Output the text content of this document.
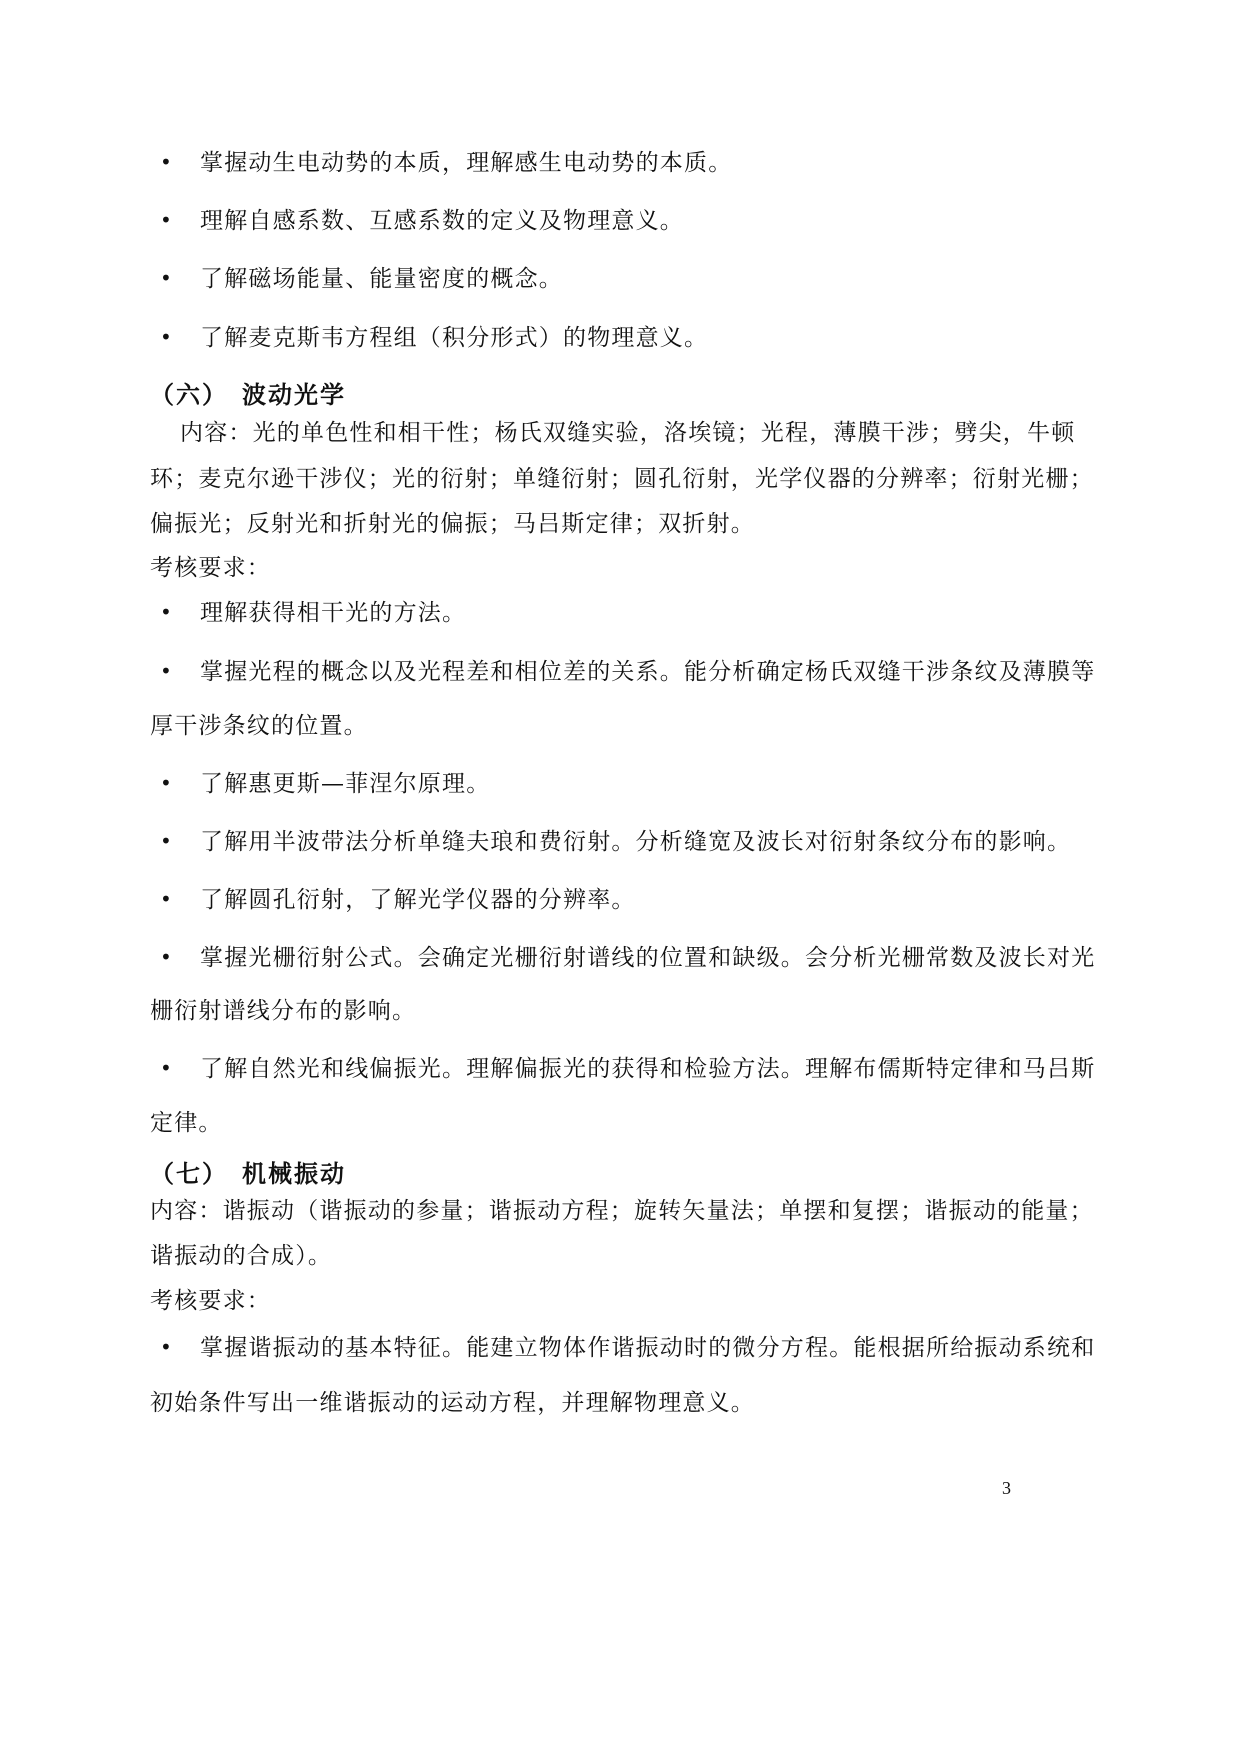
• 掌握动生电动势的本质，理解感生电动势的本质。
• 理解自感系数、互感系数的定义及物理意义。
• 了解磁场能量、能量密度的概念。
• 了解麦克斯韦方程组（积分形式）的物理意义。
（六） 波动光学
内容：光的单色性和相干性；杨氏双缝实验，洛埃镜；光程，薄膜干涉；劈尖，牛顿
环；麦克尔逊干涉仪；光的衍射；单缝衍射；圆孔衍射，光学仪器的分辨率；衍射光栅；
偏振光；反射光和折射光的偏振；马吕斯定律；双折射。
考核要求：
• 理解获得相干光的方法。
• 掌握光程的概念以及光程差和相位差的关系。能分析确定杨氏双缝干涉条纹及薄膜等
厚干涉条纹的位置。
• 了解惠更斯—菲涅尔原理。
• 了解用半波带法分析单缝夫琅和费衍射。分析缝宽及波长对衍射条纹分布的影响。
• 了解圆孔衍射，了解光学仪器的分辨率。
• 掌握光栅衍射公式。会确定光栅衍射谱线的位置和缺级。会分析光栅常数及波长对光
栅衍射谱线分布的影响。
• 了解自然光和线偏振光。理解偏振光的获得和检验方法。理解布儒斯特定律和马吕斯
定律。
（七） 机械振动
内容：谐振动（谐振动的参量；谐振动方程；旋转矢量法；单摆和复摆；谐振动的能量；
谐振动的合成）。
考核要求：
• 掌握谐振动的基本特征。能建立物体作谐振动时的微分方程。能根据所给振动系统和
初始条件写出一维谐振动的运动方程，并理解物理意义。
3
